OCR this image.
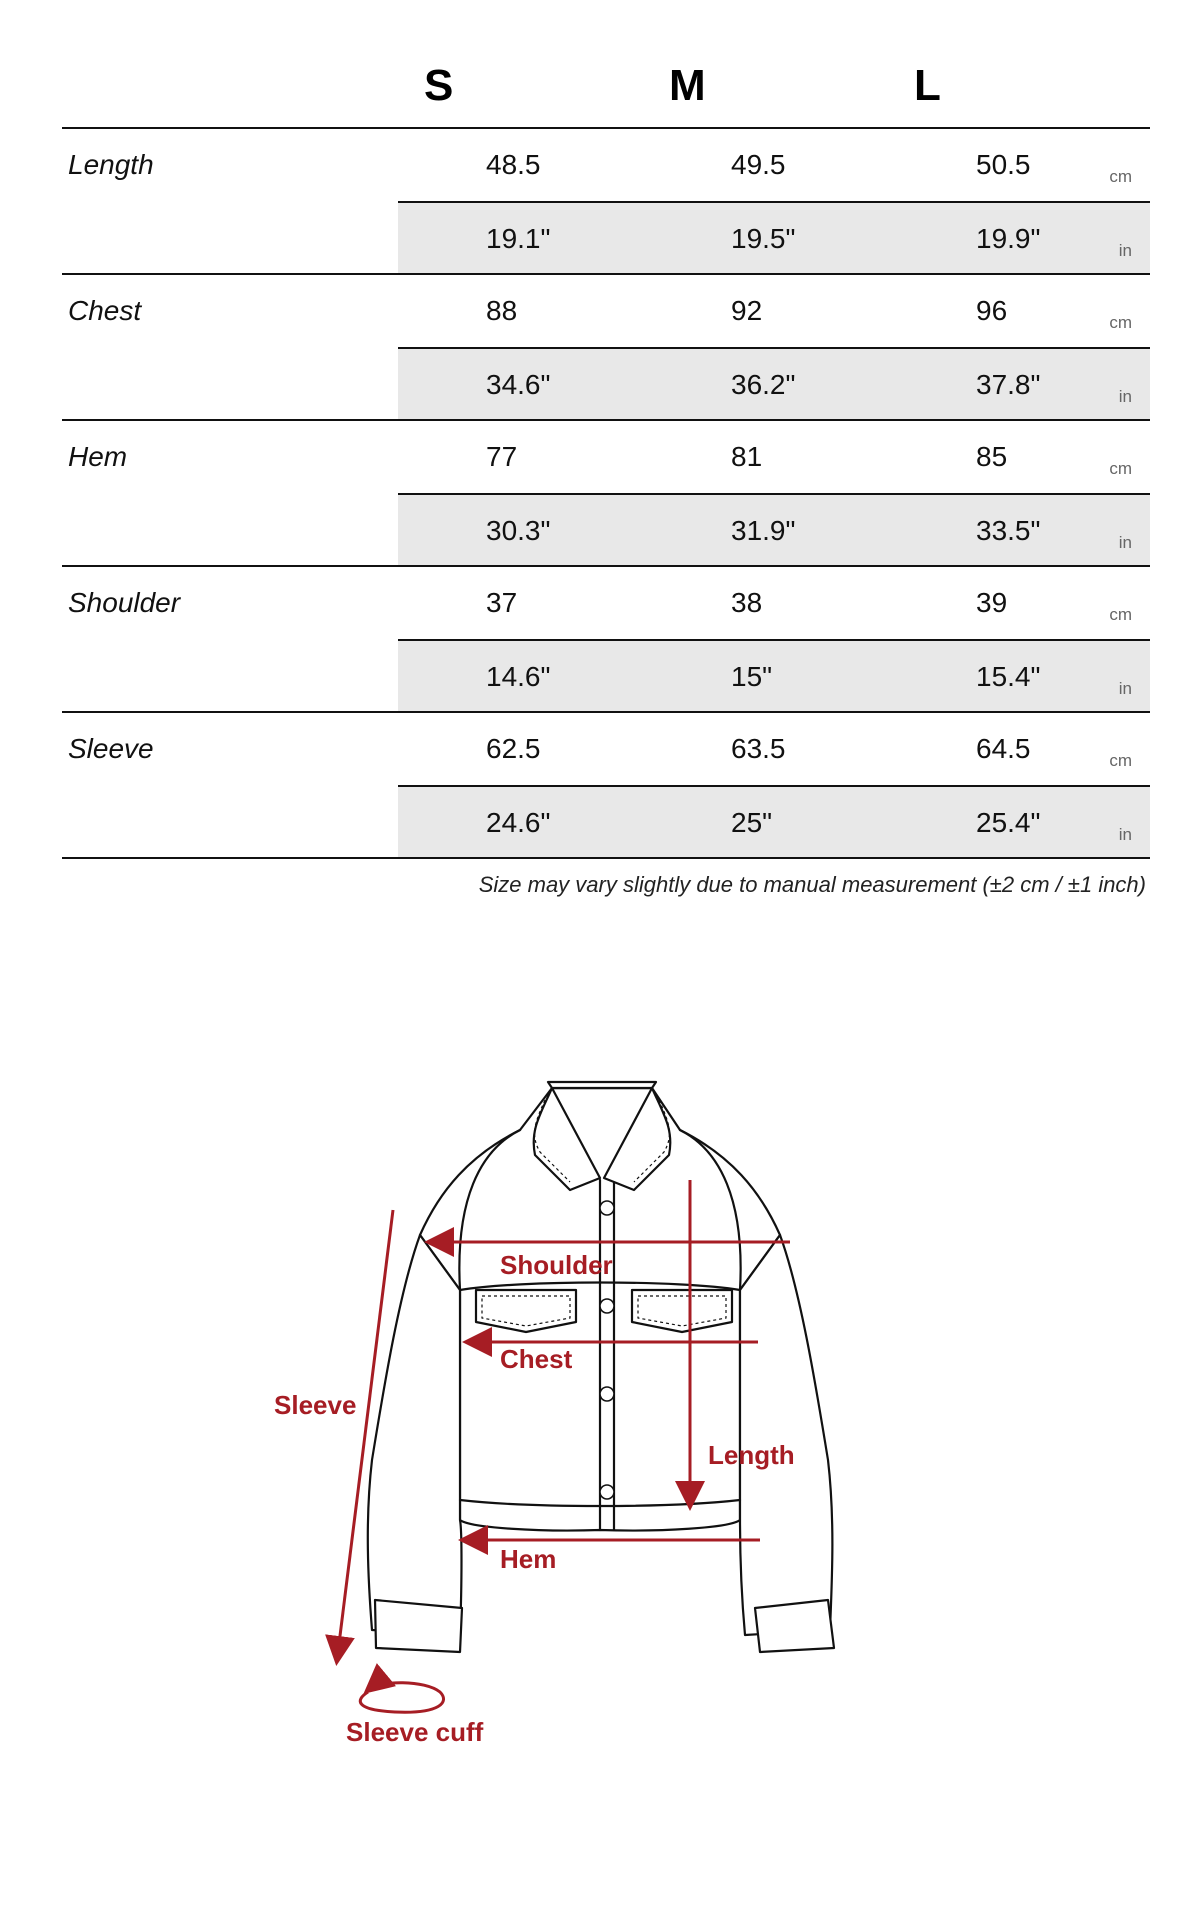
S	M	L
Length	48.5	49.5	50.5	cm
19.1"	19.5"	19.9"	in
Chest	88	92	96	cm
34.6"	36.2"	37.8"	in
Hem	77	81	85	cm
30.3"	31.9"	33.5"	in
Shoulder	37	38	39	cm
14.6"	15"	15.4"	in
Sleeve	62.5	63.5	64.5	cm
24.6"	25"	25.4"	in
Size may vary slightly due to manual measurement (±2 cm / ±1 inch)
Shoulder
Chest
Length
Hem
Sleeve
Sleeve cuff
